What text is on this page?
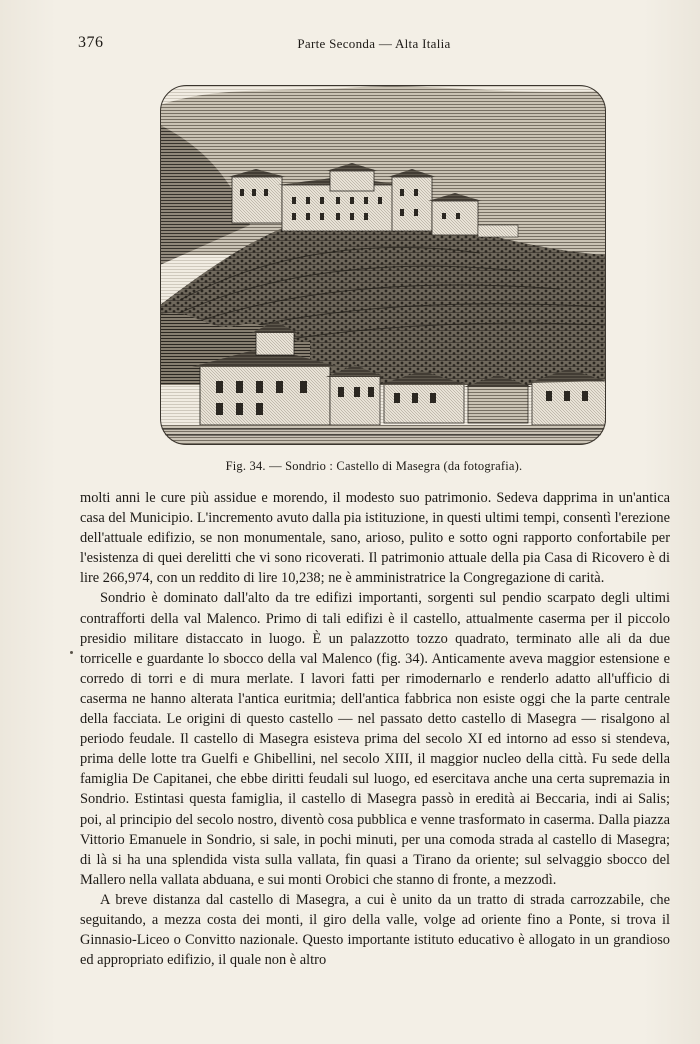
376	Parte Seconda — Alta Italia
Fig. 34. — Sondrio : Castello di Masegra (da fotografia).

molti anni le cure più assidue e morendo, il modesto suo patrimonio. Sedeva dapprima in un'antica casa del Municipio. L'incremento avuto dalla pia istituzione, in questi ultimi tempi, consentì l'erezione dell'attuale edifizio, se non monumentale, sano, arioso, pulito e sotto ogni rapporto confortabile per l'esistenza di quei derelitti che vi sono ricoverati. Il patrimonio attuale della pia Casa di Ricovero è di lire 266,974, con un reddito di lire 10,238; ne è amministratrice la Congregazione di carità.

Sondrio è dominato dall'alto da tre edifizi importanti, sorgenti sul pendio scarpato degli ultimi contrafforti della val Malenco. Primo di tali edifizi è il castello, attualmente caserma per il piccolo presidio militare distaccato in luogo. È un palazzotto tozzo quadrato, terminato alle ali da due torricelle e guardante lo sbocco della val Malenco (fig. 34). Anticamente aveva maggior estensione e corredo di torri e di mura merlate. I lavori fatti per rimodernarlo e renderlo adatto all'ufficio di caserma ne hanno alterata l'antica euritmia; dell'antica fabbrica non esiste oggi che la parte centrale della facciata. Le origini di questo castello — nel passato detto castello di Masegra — risalgono al periodo feudale. Il castello di Masegra esisteva prima del secolo XI ed intorno ad esso si stendeva, prima delle lotte tra Guelfi e Ghibellini, nel secolo XIII, il maggior nucleo della città. Fu sede della famiglia De Capitanei, che ebbe diritti feudali sul luogo, ed esercitava anche una certa supremazia in Sondrio. Estintasi questa famiglia, il castello di Masegra passò in eredità ai Beccaria, indi ai Salis; poi, al principio del secolo nostro, diventò cosa pubblica e venne trasformato in caserma. Dalla piazza Vittorio Emanuele in Sondrio, si sale, in pochi minuti, per una comoda strada al castello di Masegra; di là si ha una splendida vista sulla vallata, fin quasi a Tirano da oriente; sul selvaggio sbocco del Mallero nella vallata abduana, e sui monti Orobici che stanno di fronte, a mezzodì.

A breve distanza dal castello di Masegra, a cui è unito da un tratto di strada carrozzabile, che seguitando, a mezza costa dei monti, il giro della valle, volge ad oriente fino a Ponte, si trova il Ginnasio-Liceo o Convitto nazionale. Questo importante istituto educativo è allogato in un grandioso ed appropriato edifizio, il quale non è altro
